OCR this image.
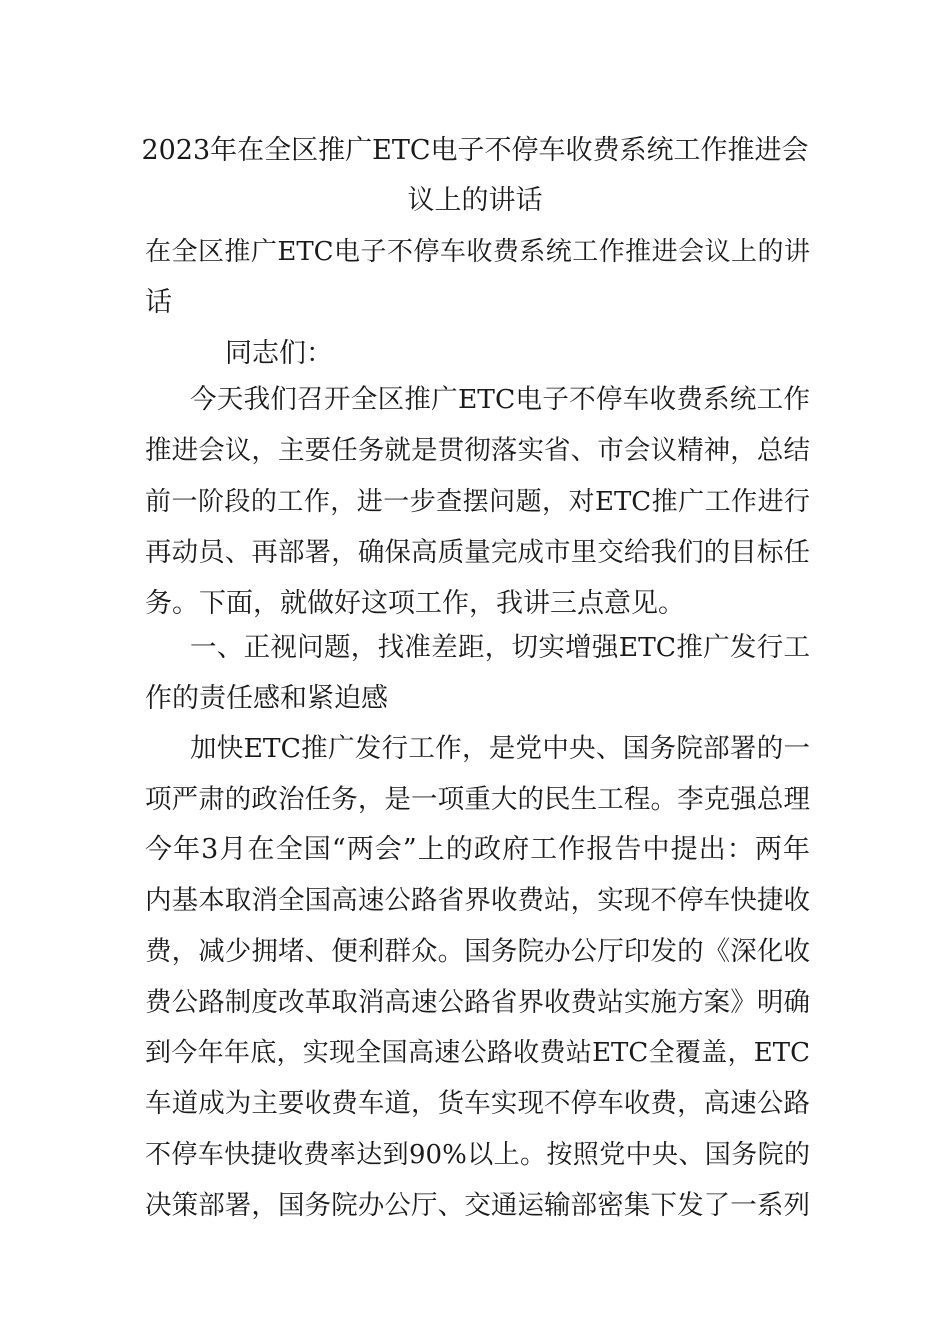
2023年在全区推广ETC电子不停车收费系统工作推进会
议上的讲话
在全区推广ETC电子不停车收费系统工作推进会议上的讲
话
同志们：
今天我们召开全区推广ETC电子不停车收费系统工作
推进会议，主要任务就是贯彻落实省、市会议精神，总结
前一阶段的工作，进一步查摆问题，对ETC推广工作进行
再动员、再部署，确保高质量完成市里交给我们的目标任
务。下面，就做好这项工作，我讲三点意见。
一、正视问题，找准差距，切实增强ETC推广发行工
作的责任感和紧迫感
加快ETC推广发行工作，是党中央、国务院部署的一
项严肃的政治任务，是一项重大的民生工程。李克强总理
今年3月在全国“两会”上的政府工作报告中提出：两年
内基本取消全国高速公路省界收费站，实现不停车快捷收
费，减少拥堵、便利群众。国务院办公厅印发的《深化收
费公路制度改革取消高速公路省界收费站实施方案》明确
到今年年底，实现全国高速公路收费站ETC全覆盖，ETC
车道成为主要收费车道，货车实现不停车收费，高速公路
不停车快捷收费率达到90%以上。按照党中央、国务院的
决策部署，国务院办公厅、交通运输部密集下发了一系列
